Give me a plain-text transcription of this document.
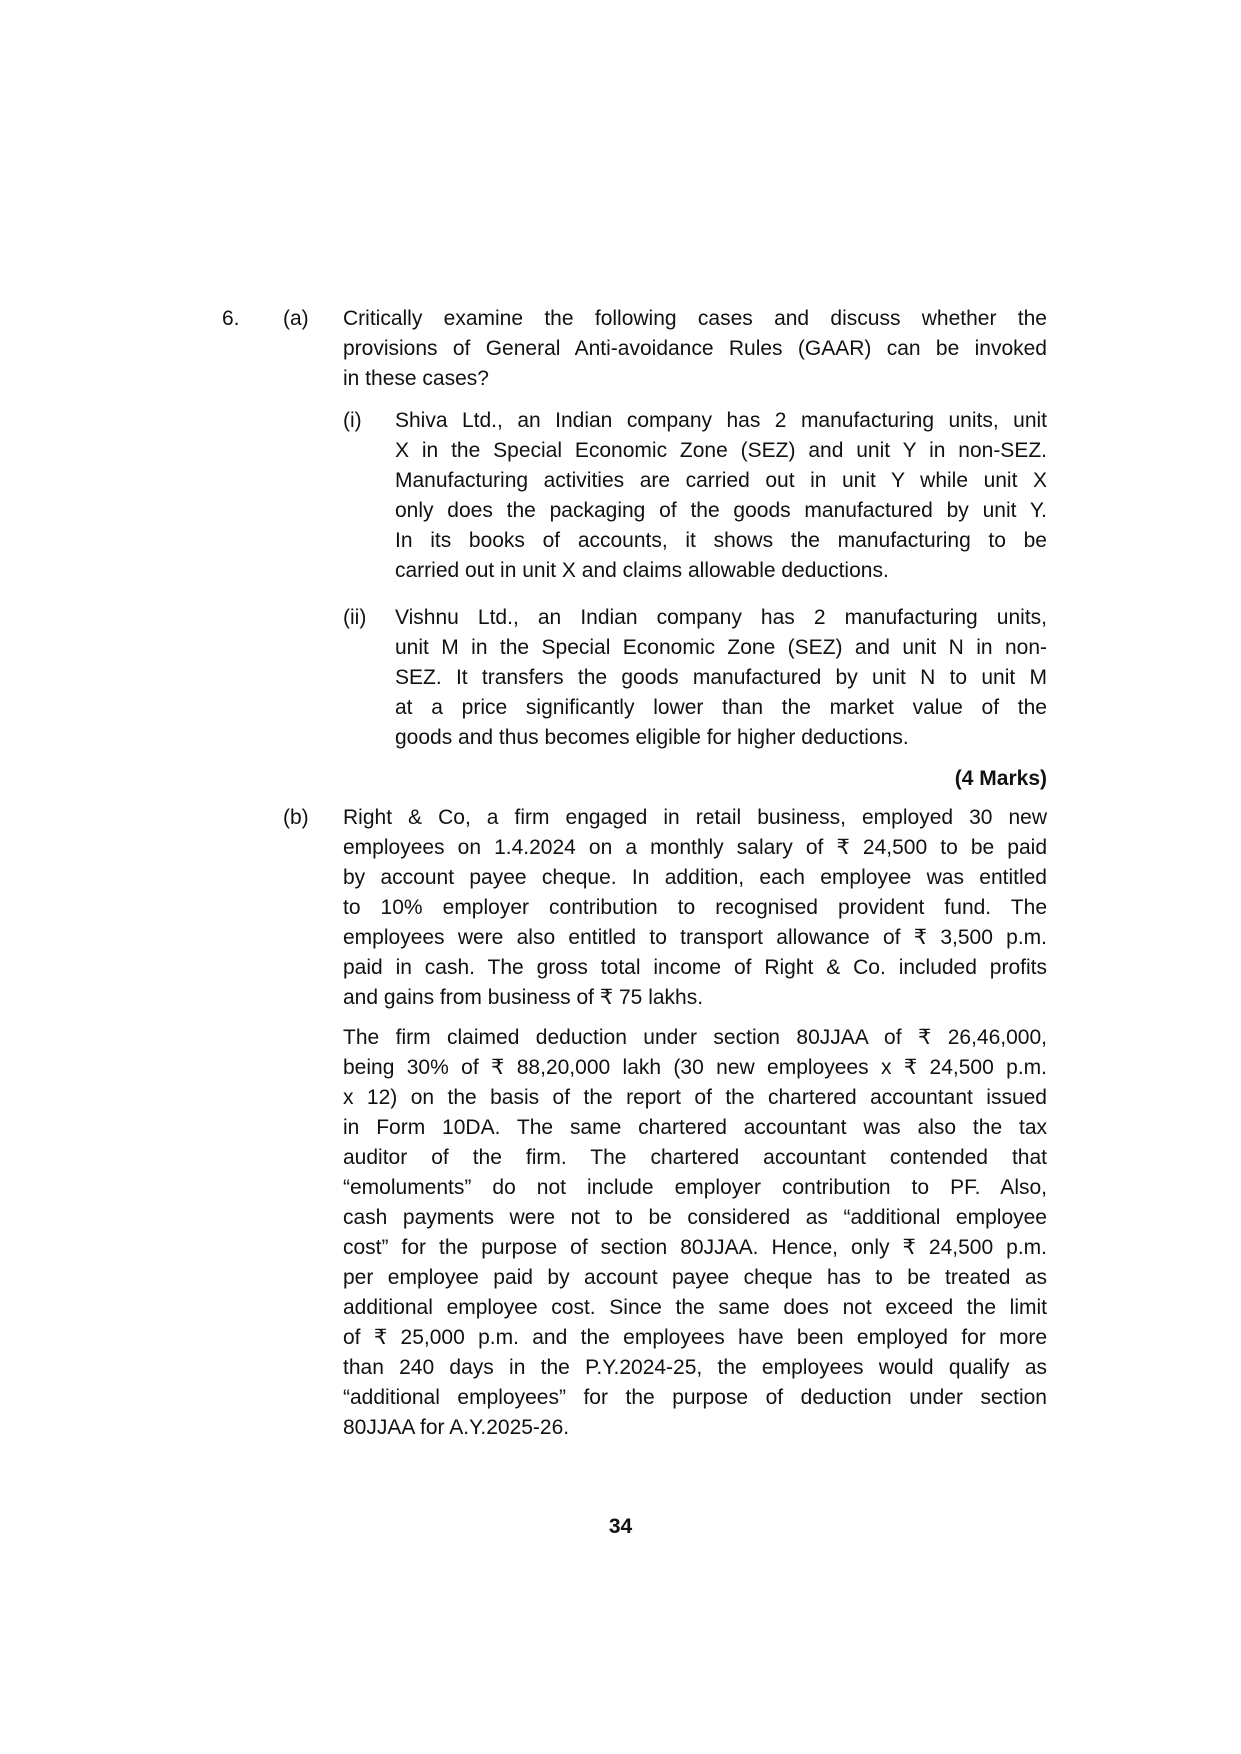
6.	(a)	Critically examine the following cases and discuss whether the
provisions of General Anti-avoidance Rules (GAAR) can be invoked
in these cases?
(i)	Shiva Ltd., an Indian company has 2 manufacturing units, unit
X in the Special Economic Zone (SEZ) and unit Y in non-SEZ.
Manufacturing activities are carried out in unit Y while unit X
only does the packaging of the goods manufactured by unit Y.
In its books of accounts, it shows the manufacturing to be
carried out in unit X and claims allowable deductions.
(ii)	Vishnu Ltd., an Indian company has 2 manufacturing units,
unit M in the Special Economic Zone (SEZ) and unit N in non-
SEZ. It transfers the goods manufactured by unit N to unit M
at a price significantly lower than the market value of the
goods and thus becomes eligible for higher deductions.
(4 Marks)
(b)	Right & Co, a firm engaged in retail business, employed 30 new
employees on 1.4.2024 on a monthly salary of ₹ 24,500 to be paid
by account payee cheque. In addition, each employee was entitled
to 10% employer contribution to recognised provident fund. The
employees were also entitled to transport allowance of ₹ 3,500 p.m.
paid in cash. The gross total income of Right & Co. included profits
and gains from business of ₹ 75 lakhs.
The firm claimed deduction under section 80JJAA of ₹ 26,46,000,
being 30% of ₹ 88,20,000 lakh (30 new employees x ₹ 24,500 p.m.
x 12) on the basis of the report of the chartered accountant issued
in Form 10DA. The same chartered accountant was also the tax
auditor of the firm. The chartered accountant contended that
“emoluments” do not include employer contribution to PF. Also,
cash payments were not to be considered as “additional employee
cost” for the purpose of section 80JJAA. Hence, only ₹ 24,500 p.m.
per employee paid by account payee cheque has to be treated as
additional employee cost. Since the same does not exceed the limit
of ₹ 25,000 p.m. and the employees have been employed for more
than 240 days in the P.Y.2024-25, the employees would qualify as
“additional employees” for the purpose of deduction under section
80JJAA for A.Y.2025-26.
34
